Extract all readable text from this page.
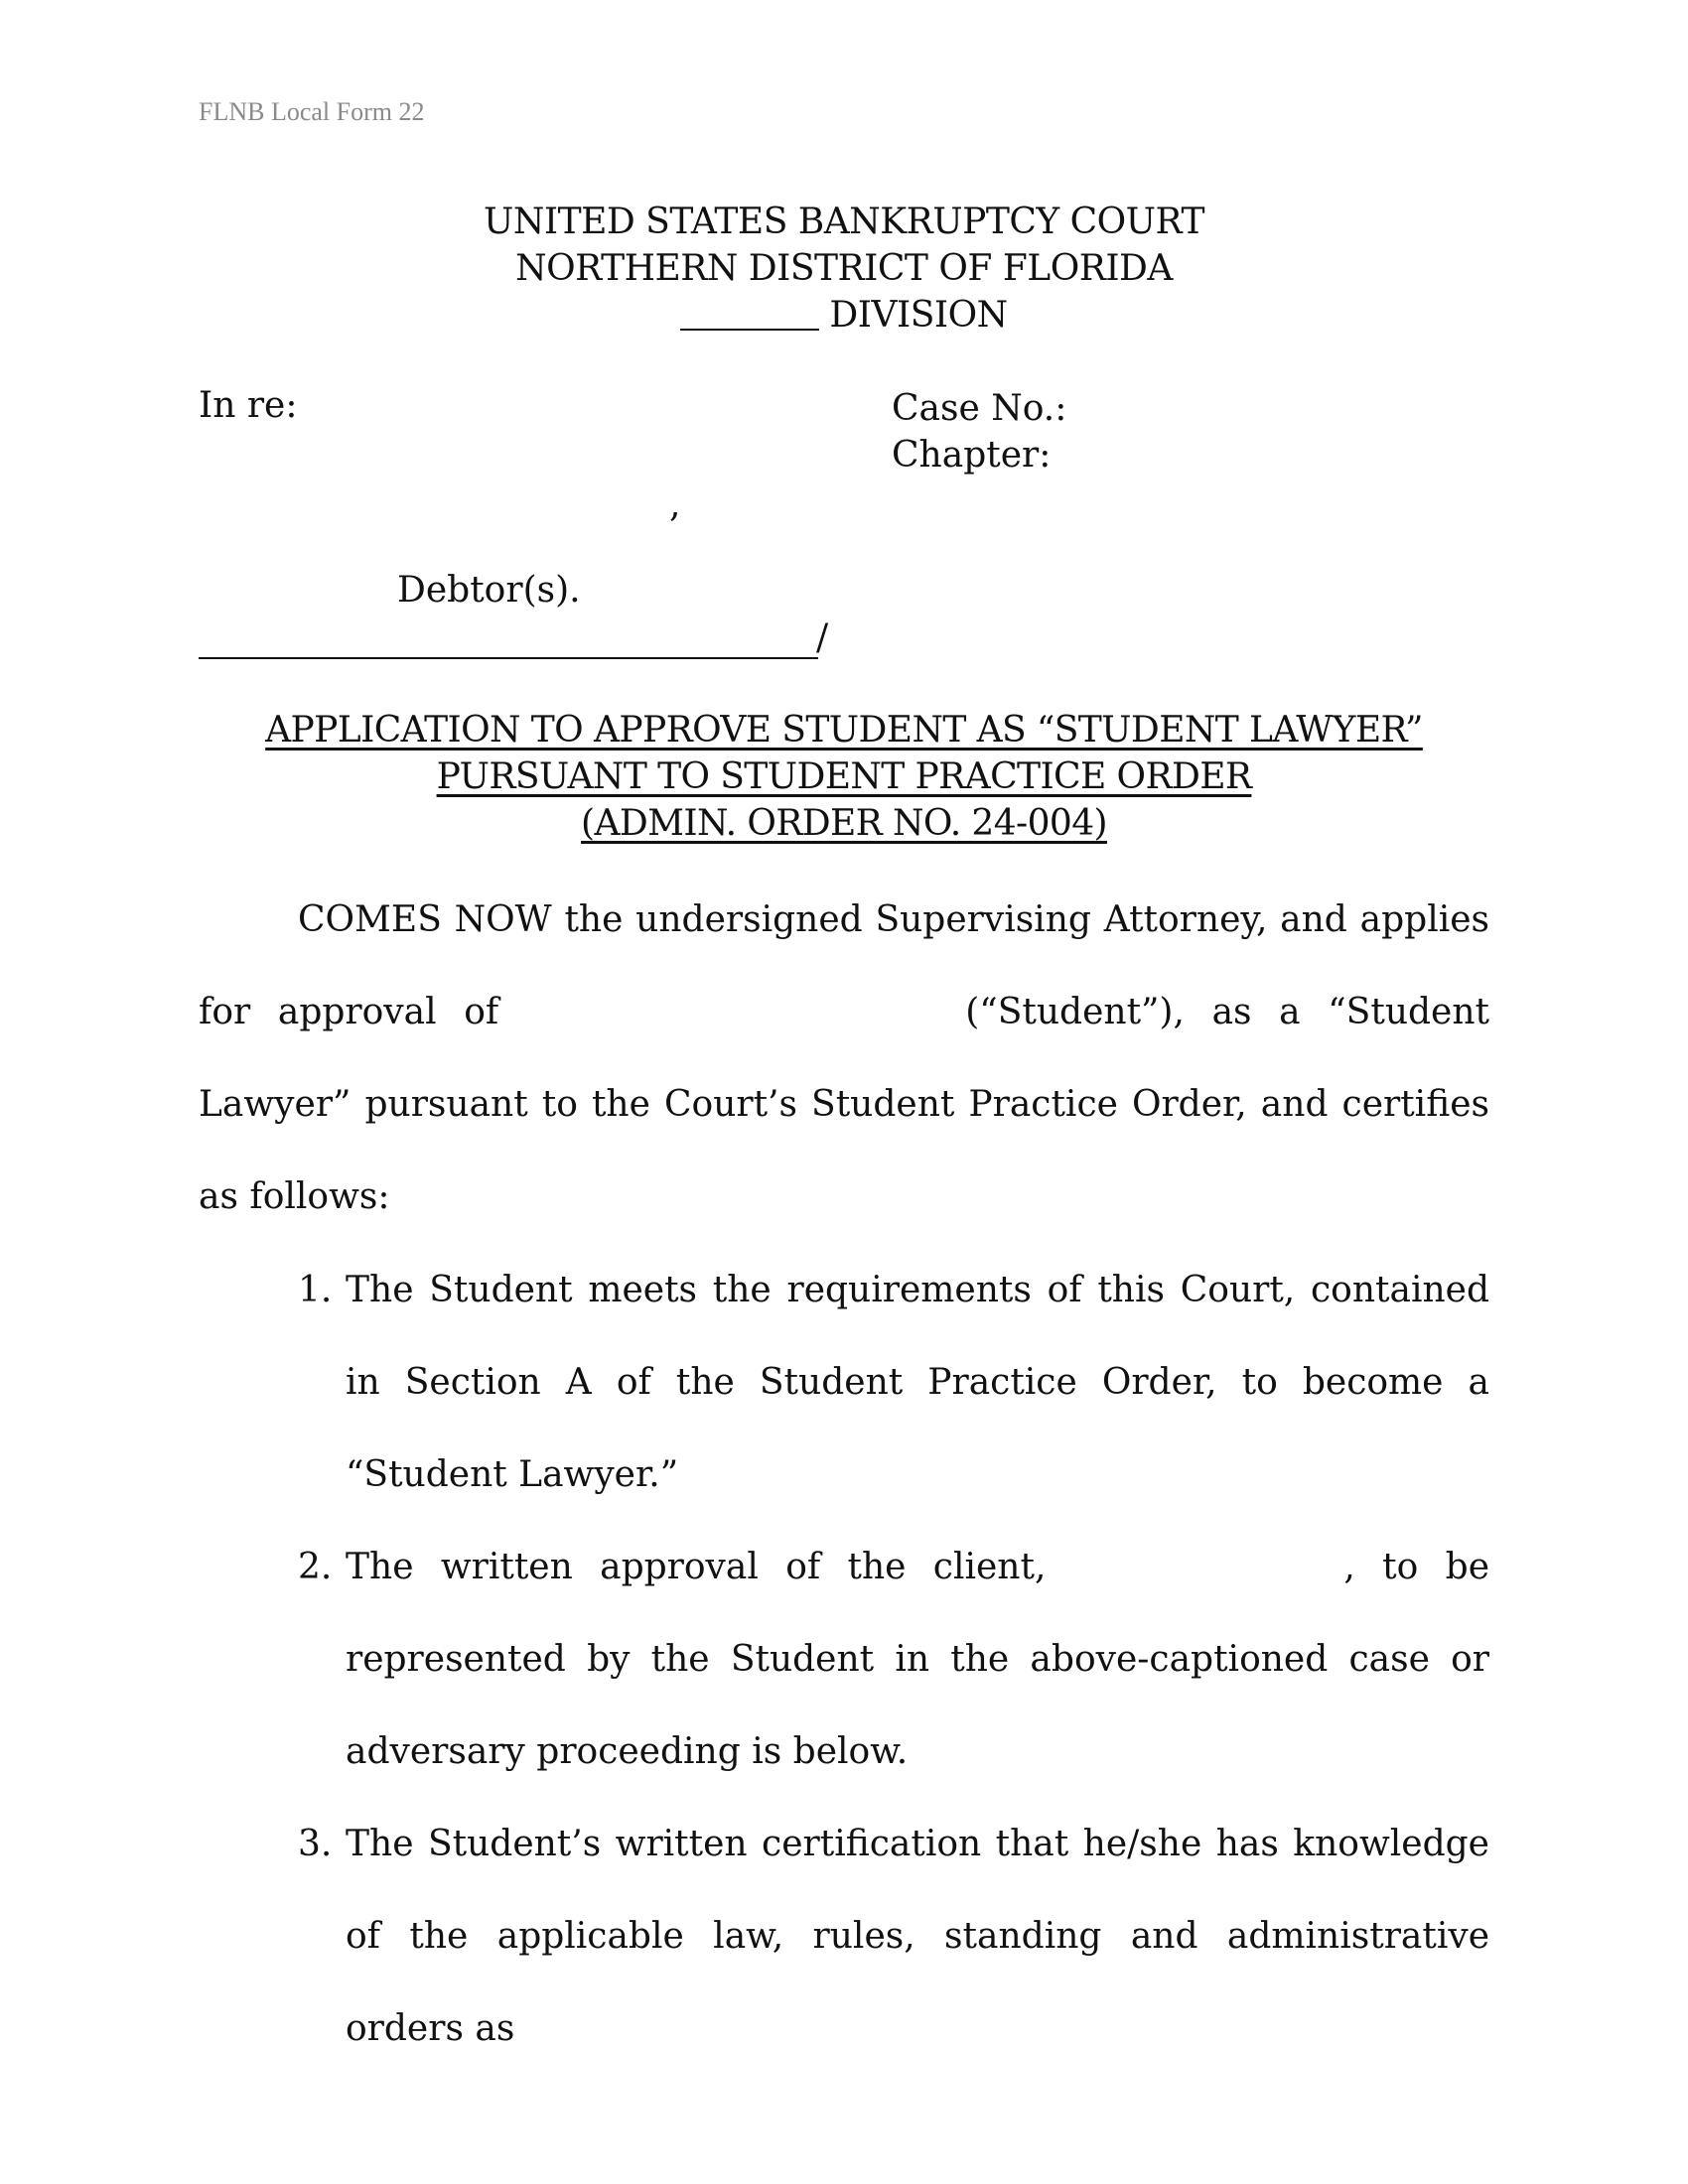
FLNB Local Form 22
UNITED STATES BANKRUPTCY COURT
NORTHERN DISTRICT OF FLORIDA
DIVISION
In re:	Case No.:
Chapter:
,
Debtor(s).
/
APPLICATION TO APPROVE STUDENT AS “STUDENT LAWYER”
PURSUANT TO STUDENT PRACTICE ORDER
(ADMIN. ORDER NO. 24-004)
COMES NOW the undersigned Supervising Attorney, and applies for approval of	(“Student”), as a “Student Lawyer” pursuant to the Court’s Student Practice Order, and certifies as follows:
1. The Student meets the requirements of this Court, contained in Section A of the Student Practice Order, to become a “Student Lawyer.”
2. The written approval of the client,	, to be represented by the Student in the above-captioned case or adversary proceeding is below.
3. The Student’s written certification that he/she has knowledge of the applicable law, rules, standing and administrative orders as
